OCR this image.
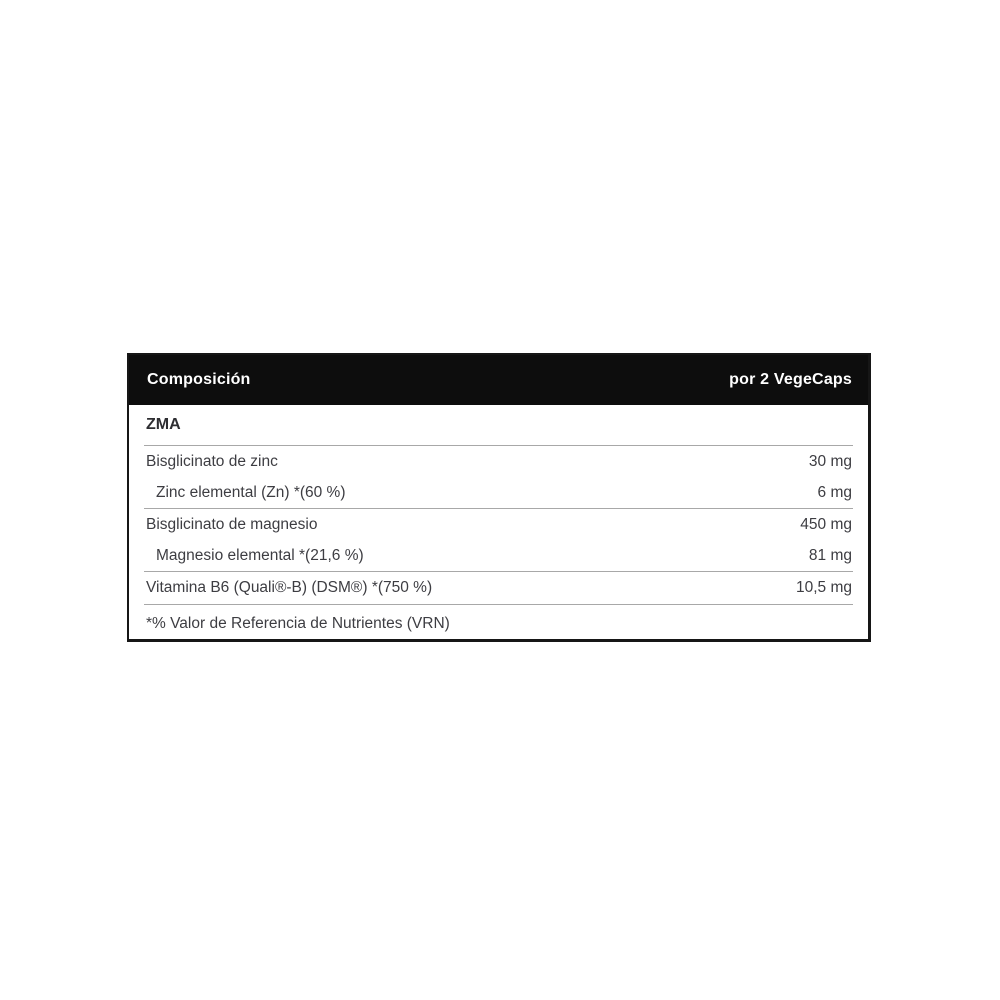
Composición	por 2 VegeCaps
ZMA
Bisglicinato de zinc	30 mg
Zinc elemental (Zn) *(60 %)	6 mg
Bisglicinato de magnesio	450 mg
Magnesio elemental *(21,6 %)	81 mg
Vitamina B6 (Quali®-B) (DSM®) *(750 %)	10,5 mg
*% Valor de Referencia de Nutrientes (VRN)
